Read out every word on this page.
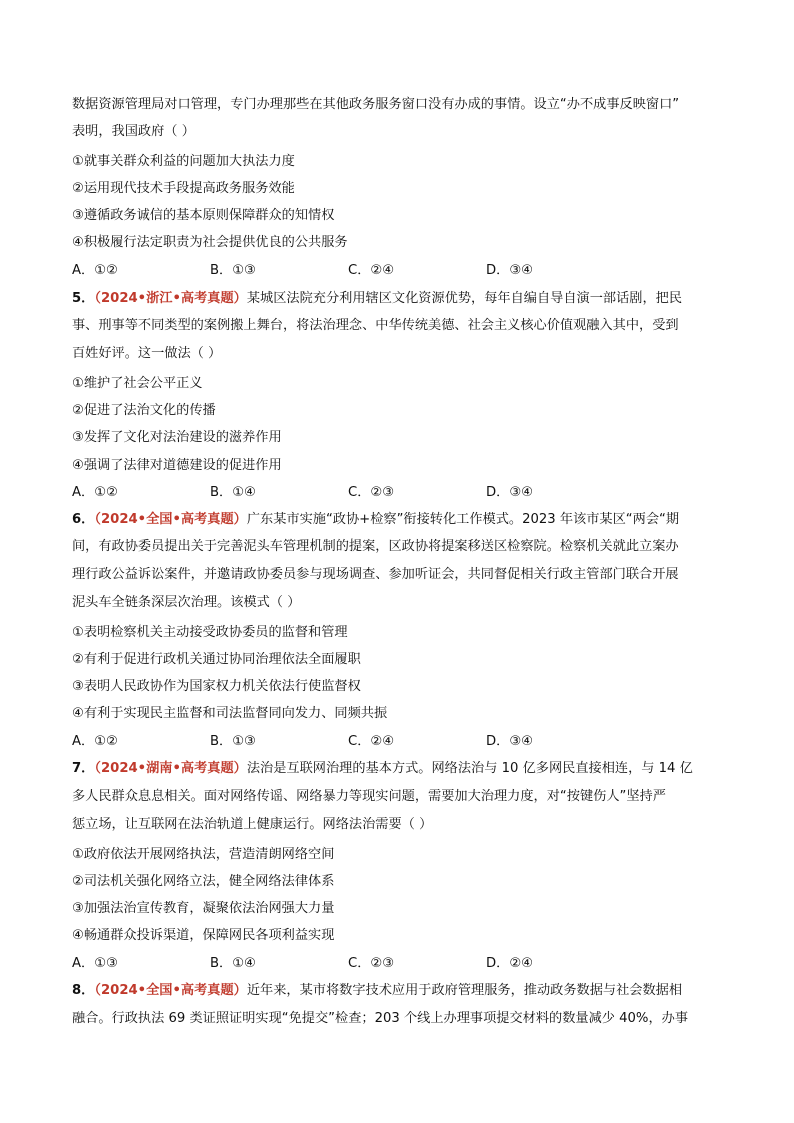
数据资源管理局对口管理，专门办理那些在其他政务服务窗口没有办成的事情。设立“办不成事反映窗口”
表明，我国政府（ ）
①就事关群众利益的问题加大执法力度
②运用现代技术手段提高政务服务效能
③遵循政务诚信的基本原则保障群众的知情权
④积极履行法定职责为社会提供优良的公共服务
A．①②	B．①③	C．②④	D．③④
5．（2024•浙江•高考真题）某城区法院充分利用辖区文化资源优势，每年自编自导自演一部话剧，把民
事、刑事等不同类型的案例搬上舞台，将法治理念、中华传统美德、社会主义核心价值观融入其中，受到
百姓好评。这一做法（ ）
①维护了社会公平正义
②促进了法治文化的传播
③发挥了文化对法治建设的滋养作用
④强调了法律对道德建设的促进作用
A．①②	B．①④	C．②③	D．③④
6．（2024•全国•高考真题）广东某市实施“政协+检察”衔接转化工作模式。2023 年该市某区“两会“期
间，有政协委员提出关于完善泥头车管理机制的提案，区政协将提案移送区检察院。检察机关就此立案办
理行政公益诉讼案件，并邀请政协委员参与现场调查、参加听证会，共同督促相关行政主管部门联合开展
泥头车全链条深层次治理。该模式（ ）
①表明检察机关主动接受政协委员的监督和管理
②有利于促进行政机关通过协同治理依法全面履职
③表明人民政协作为国家权力机关依法行使监督权
④有利于实现民主监督和司法监督同向发力、同频共振
A．①②	B．①③	C．②④	D．③④
7．（2024•湖南•高考真题）法治是互联网治理的基本方式。网络法治与 10 亿多网民直接相连，与 14 亿
多人民群众息息相关。面对网络传谣、网络暴力等现实问题，需要加大治理力度，对“按键伤人”坚持严
惩立场，让互联网在法治轨道上健康运行。网络法治需要（ ）
①政府依法开展网络执法，营造清朗网络空间
②司法机关强化网络立法，健全网络法律体系
③加强法治宣传教育，凝聚依法治网强大力量
④畅通群众投诉渠道，保障网民各项利益实现
A．①③	B．①④	C．②③	D．②④
8．（2024•全国•高考真题）近年来，某市将数字技术应用于政府管理服务，推动政务数据与社会数据相
融合。行政执法 69 类证照证明实现“免提交”检查；203 个线上办理事项提交材料的数量减少 40%，办事
